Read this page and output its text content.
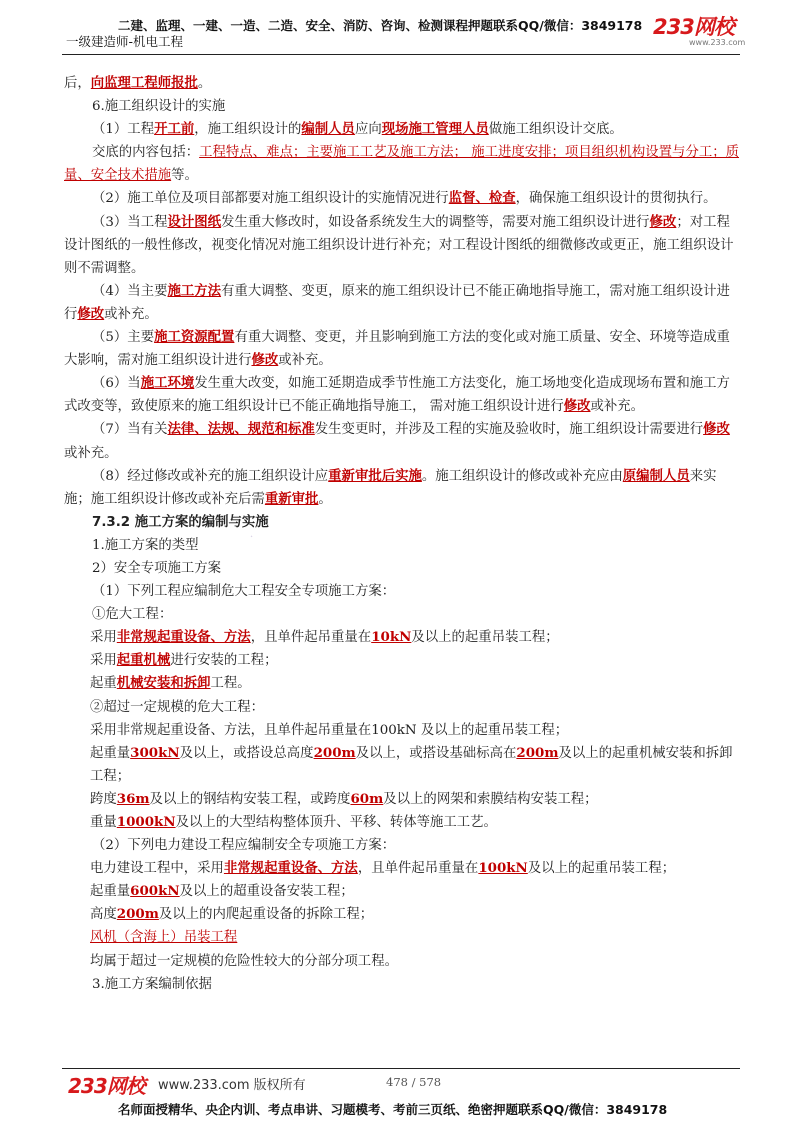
二建、监理、一建、一造、二造、安全、消防、咨询、检测课程押题联系QQ/微信：3849178
一级建造师-机电工程
233网校
www.233.com
·

后，向监理工程师报批。

6.施工组织设计的实施

（1）工程开工前，施工组织设计的编制人员应向现场施工管理人员做施工组织设计交底。

交底的内容包括：工程特点、难点；主要施工工艺及施工方法； 施工进度安排；项目组织机构设置与分工；质量、安全技术措施等。

（2）施工单位及项目部都要对施工组织设计的实施情况进行监督、检查，确保施工组织设计的贯彻执行。

（3）当工程设计图纸发生重大修改时，如设备系统发生大的调整等，需要对施工组织设计进行修改；对工程设计图纸的一般性修改，视变化情况对施工组织设计进行补充；对工程设计图纸的细微修改或更正，施工组织设计则不需调整。

（4）当主要施工方法有重大调整、变更，原来的施工组织设计已不能正确地指导施工，需对施工组织设计进行修改或补充。

（5）主要施工资源配置有重大调整、变更，并且影响到施工方法的变化或对施工质量、安全、环境等造成重大影响，需对施工组织设计进行修改或补充。

（6）当施工环境发生重大改变，如施工延期造成季节性施工方法变化，施工场地变化造成现场布置和施工方式改变等，致使原来的施工组织设计已不能正确地指导施工， 需对施工组织设计进行修改或补充。

（7）当有关法律、法规、规范和标准发生变更时，并涉及工程的实施及验收时，施工组织设计需要进行修改或补充。

（8）经过修改或补充的施工组织设计应重新审批后实施。施工组织设计的修改或补充应由原编制人员来实施；施工组织设计修改或补充后需重新审批。

7.3.2 施工方案的编制与实施

1.施工方案的类型

2）安全专项施工方案

（1）下列工程应编制危大工程安全专项施工方案：

①危大工程：

采用非常规起重设备、方法，且单件起吊重量在10kN及以上的起重吊装工程；

采用起重机械进行安装的工程；

起重机械安装和拆卸工程。

②超过一定规模的危大工程：

采用非常规起重设备、方法，且单件起吊重量在100kN 及以上的起重吊装工程；

起重量300kN及以上，或搭设总高度200m及以上，或搭设基础标高在200m及以上的起重机械安装和拆卸工程；

跨度36m及以上的钢结构安装工程，或跨度60m及以上的网架和索膜结构安装工程；

重量1000kN及以上的大型结构整体顶升、平移、转体等施工工艺。

（2）下列电力建设工程应编制安全专项施工方案：

电力建设工程中，采用非常规起重设备、方法，且单件起吊重量在100kN及以上的起重吊装工程；

起重量600kN及以上的超重设备安装工程；

高度200m及以上的内爬起重设备的拆除工程；

风机（含海上）吊装工程

均属于超过一定规模的危险性较大的分部分项工程。

3.施工方案编制依据

233网校 www.233.com 版权所有	478 / 578
名师面授精华、央企内训、考点串讲、习题模考、考前三页纸、绝密押题联系QQ/微信：3849178
